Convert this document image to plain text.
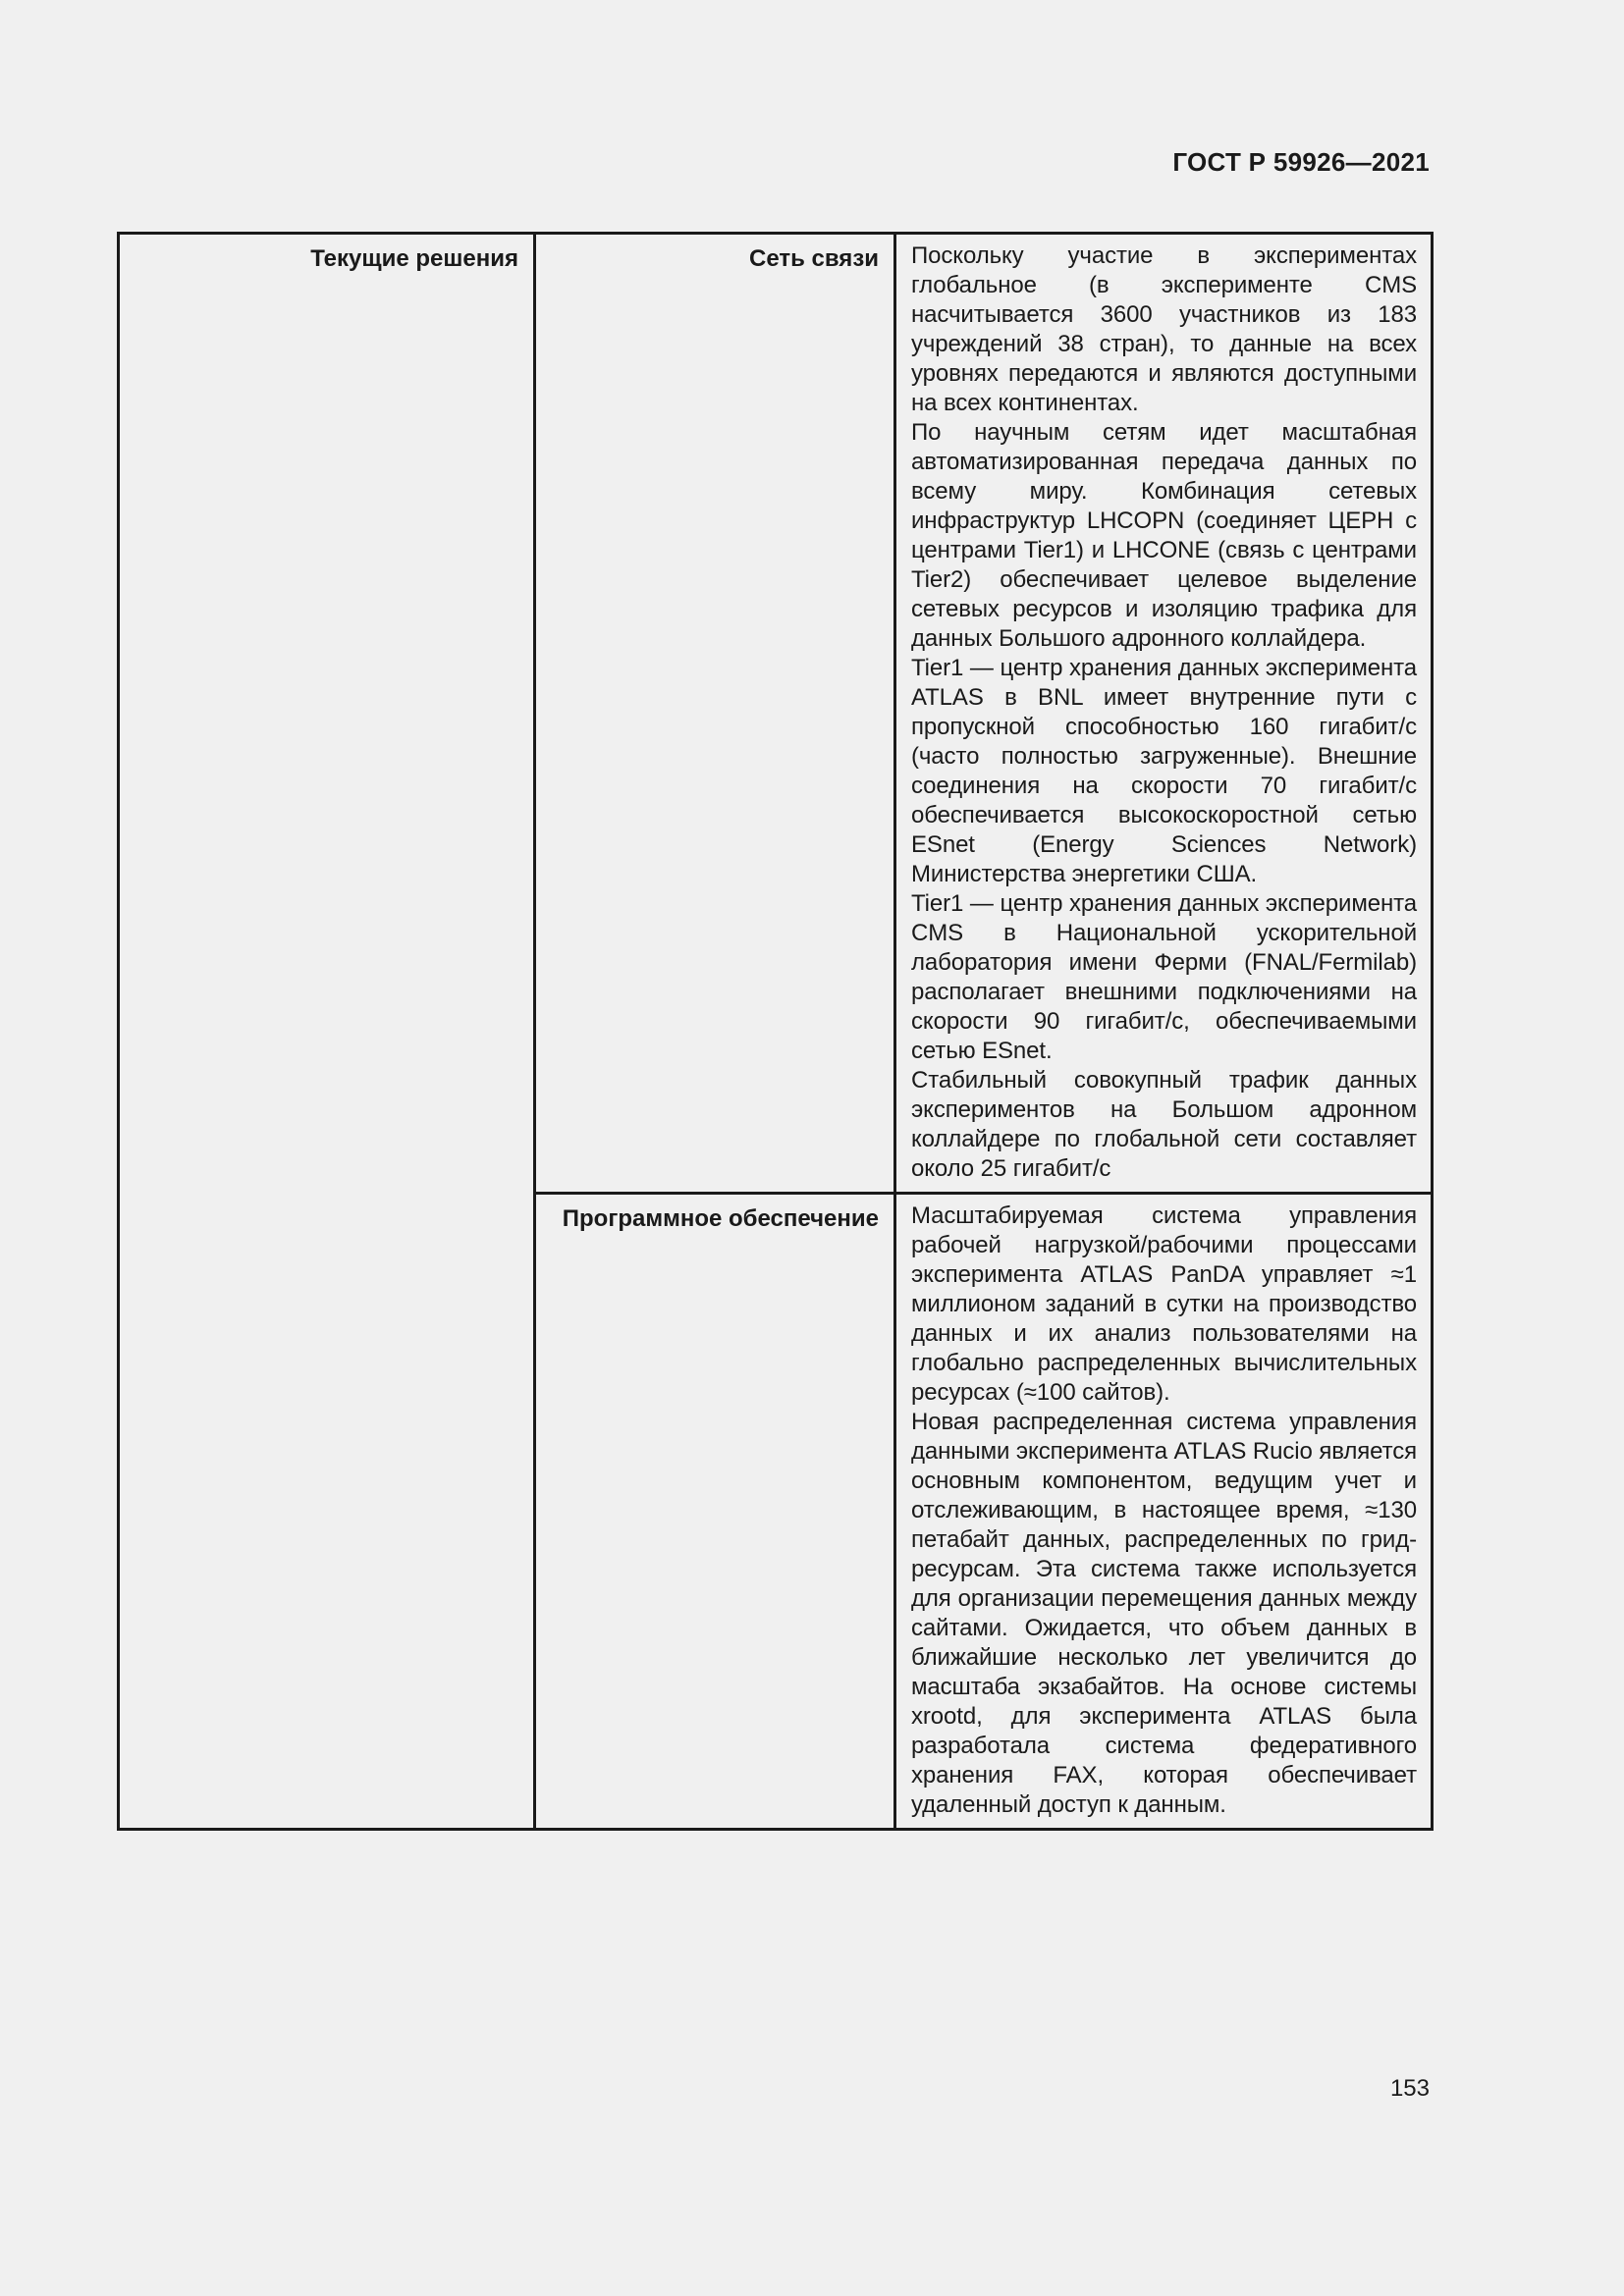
ГОСТ Р 59926—2021
Текущие решения	Сеть связи	Поскольку участие в экспериментах глобальное (в эксперименте CMS насчитывается 3600 участников из 183 учреждений 38 стран), то данные на всех уровнях передаются и являются доступными на всех континентах.
По научным сетям идет масштабная автоматизированная передача данных по всему миру. Комбинация сетевых инфраструктур LHCOPN (соединяет ЦЕРН с центрами Tier1) и LHCONE (связь с центрами Tier2) обеспечивает целевое выделение сетевых ресурсов и изоляцию трафика для данных Большого адронного коллайдера.
Tier1 — центр хранения данных эксперимента ATLAS в BNL имеет внутренние пути с пропускной способностью 160 гигабит/с (часто полностью загруженные). Внешние соединения на скорости 70 гигабит/с обеспечивается высокоскоростной сетью ESnet (Energy Sciences Network) Министерства энергетики США.
Tier1 — центр хранения данных эксперимента CMS в Национальной ускорительной лаборатория имени Ферми (FNAL/Fermilab) располагает внешними подключениями на скорости 90 гигабит/с, обеспечиваемыми сетью ESnet.
Стабильный совокупный трафик данных экспериментов на Большом адронном коллайдере по глобальной сети составляет около 25 гигабит/с

	Программное обеспечение	Масштабируемая система управления рабочей нагрузкой/рабочими процессами эксперимента ATLAS PanDA управляет ≈1 миллионом заданий в сутки на производство данных и их анализ пользователями на глобально распределенных вычислительных ресурсах (≈100 сайтов).
Новая распределенная система управления данными эксперимента ATLAS Rucio является основным компонентом, ведущим учет и отслеживающим, в настоящее время, ≈130 петабайт данных, распределенных по грид-ресурсам. Эта система также используется для организации перемещения данных между сайтами. Ожидается, что объем данных в ближайшие несколько лет увеличится до масштаба экзабайтов. На основе системы xrootd, для эксперимента ATLAS была разработала система федеративного хранения FAX, которая обеспечивает удаленный доступ к данным.
153
